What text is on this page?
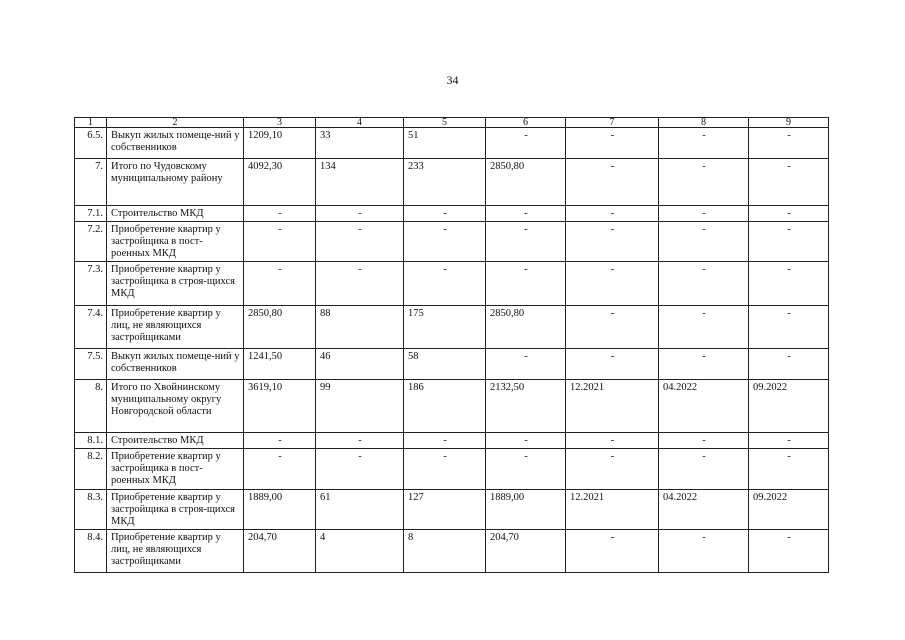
34
1	2	3	4	5	6	7	8	9
6.5.	Выкуп жилых помеще-ний у собственников	1209,10	33	51	-	-	-	-
7.	Итого по Чудовскому муниципальному району	4092,30	134	233	2850,80	-	-	-
7.1.	Строительство МКД	-	-	-	-	-	-	-
7.2.	Приобретение квартир у застройщика в пост-роенных МКД	-	-	-	-	-	-	-
7.3.	Приобретение квартир у застройщика в строя-щихся МКД	-	-	-	-	-	-	-
7.4.	Приобретение квартир у лиц, не являющихся застройщиками	2850,80	88	175	2850,80	-	-	-
7.5.	Выкуп жилых помеще-ний у собственников	1241,50	46	58	-	-	-	-
8.	Итого по Хвойнинскому муниципальному округу Новгородской области	3619,10	99	186	2132,50	12.2021	04.2022	09.2022
8.1.	Строительство МКД	-	-	-	-	-	-	-
8.2.	Приобретение квартир у застройщика в пост-роенных МКД	-	-	-	-	-	-	-
8.3.	Приобретение квартир у застройщика в строя-щихся МКД	1889,00	61	127	1889,00	12.2021	04.2022	09.2022
8.4.	Приобретение квартир у лиц, не являющихся застройщиками	204,70	4	8	204,70	-	-	-
